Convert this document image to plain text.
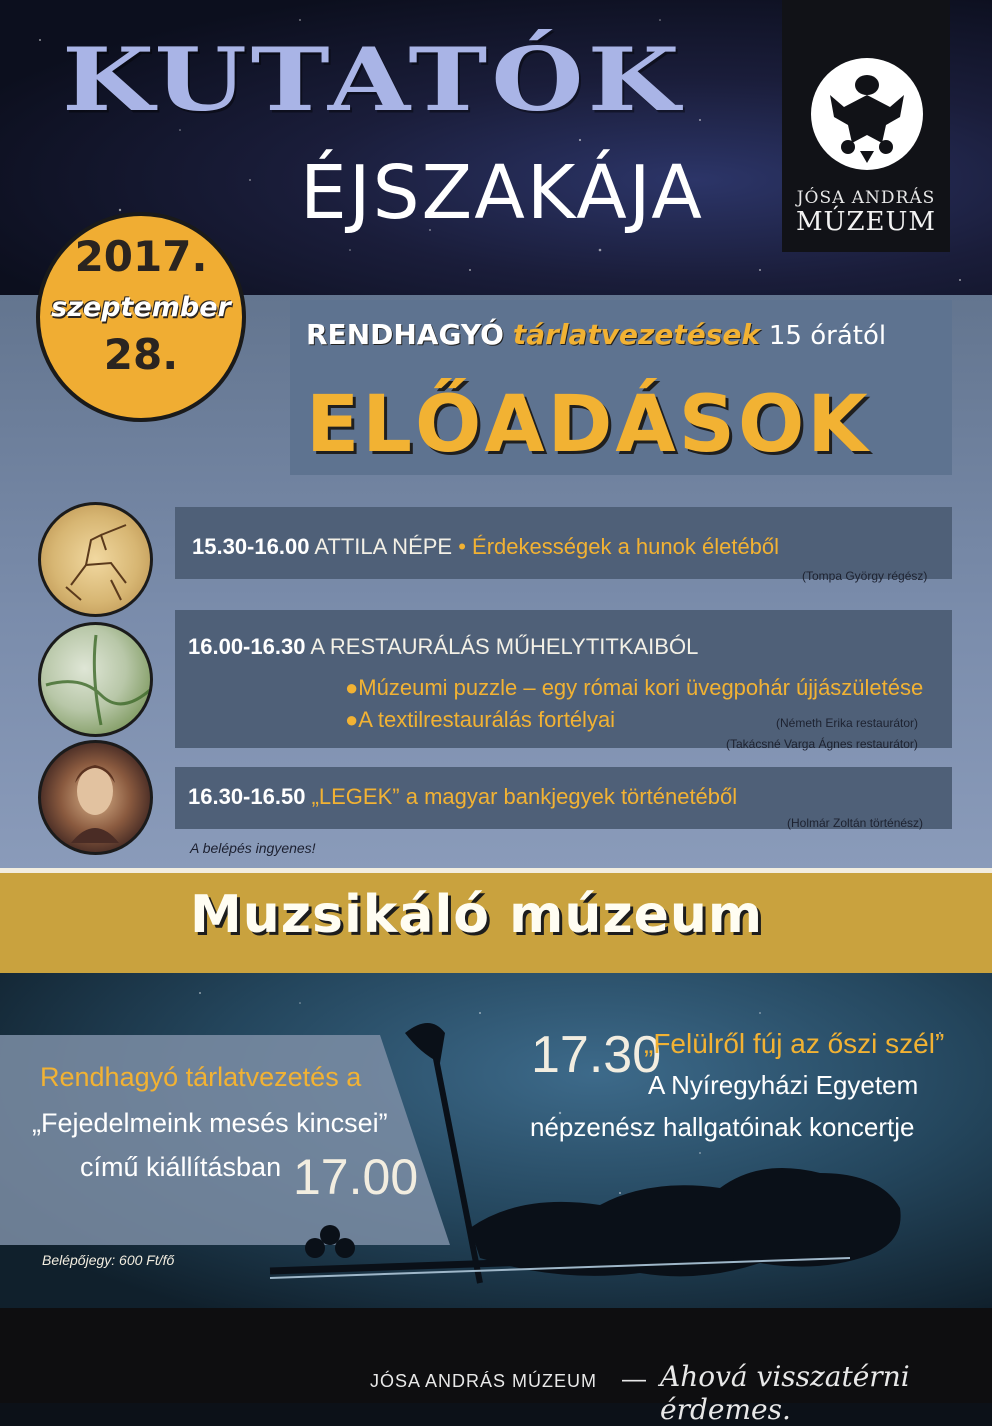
KUTATÓK
ÉJSZAKÁJA	JÓSA ANDRÁS
MÚZEUM
2017.
szeptember
28.	RENDHAGYÓ tárlatvezetések 15 órától
ELŐADÁSOK
15.30-16.00 ATTILA NÉPE • Érdekességek a hunok életéből
(Tompa György régész)
16.00-16.30 A RESTAURÁLÁS MŰHELYTITKAIBÓL
●Múzeumi puzzle – egy római kori üvegpohár újjászületése
●A textilrestaurálás fortélyai	(Németh Erika restaurátor)
(Takácsné Varga Ágnes restaurátor)
16.30-16.50 „LEGEK” a magyar bankjegyek történetéből
(Holmár Zoltán történész)
A belépés ingyenes!
Muzsikáló múzeum
Rendhagyó tárlatvezetés a
„Fejedelmeink mesés kincsei”
című kiállításban 17.00
Belépőjegy: 600 Ft/fő
17.30
„Felülről fúj az őszi szél”
A Nyíregyházi Egyetem
népzenész hallgatóinak koncertje
JÓSA ANDRÁS MÚZEUM — Ahová visszatérni érdemes.
